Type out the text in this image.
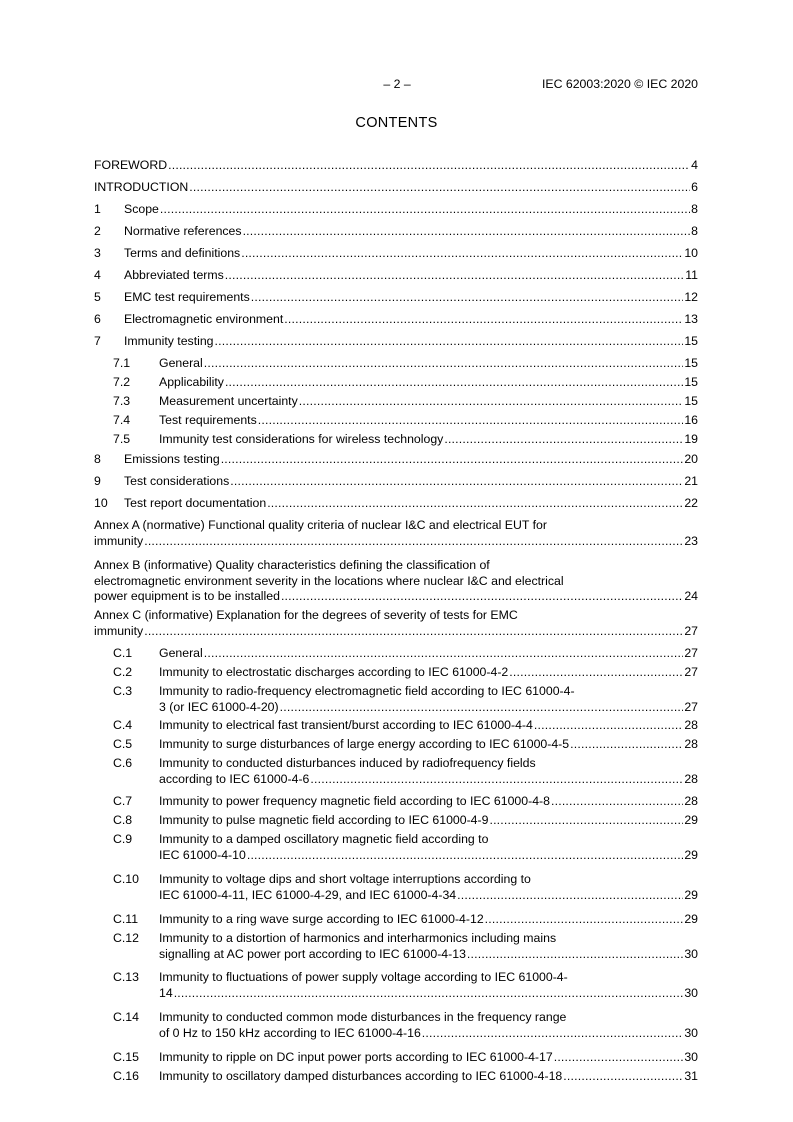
– 2 –	IEC 62003:2020 © IEC 2020
CONTENTS
FOREWORD .....	4
INTRODUCTION .....	6
1	Scope .....	8
2	Normative references .....	8
3	Terms and definitions .....	10
4	Abbreviated terms .....	11
5	EMC test requirements .....	12
6	Electromagnetic environment .....	13
7	Immunity testing .....	15
7.1	General .....	15
7.2	Applicability .....	15
7.3	Measurement uncertainty .....	15
7.4	Test requirements .....	16
7.5	Immunity test considerations for wireless technology .....	19
8	Emissions testing .....	20
9	Test considerations .....	21
10	Test report documentation .....	22
Annex A (normative) Functional quality criteria of nuclear I&C and electrical EUT for
immunity .....	23
Annex B (informative) Quality characteristics defining the classification of
electromagnetic environment severity in the locations where nuclear I&C and electrical
power equipment is to be installed .....	24
Annex C (informative) Explanation for the degrees of severity of tests for EMC
immunity .....	27
C.1	General .....	27
C.2	Immunity to electrostatic discharges according to IEC 61000-4-2 .....	27
C.3	Immunity to radio-frequency electromagnetic field according to IEC 61000-4-
3 (or IEC 61000-4-20) .....	27
C.4	Immunity to electrical fast transient/burst according to IEC 61000-4-4 .....	28
C.5	Immunity to surge disturbances of large energy according to IEC 61000-4-5 .....	28
C.6	Immunity to conducted disturbances induced by radiofrequency fields
according to IEC 61000-4-6 .....	28
C.7	Immunity to power frequency magnetic field according to IEC 61000-4-8 .....	28
C.8	Immunity to pulse magnetic field according to IEC 61000-4-9 .....	29
C.9	Immunity to a damped oscillatory magnetic field according to
IEC 61000-4-10 .....	29
C.10	Immunity to voltage dips and short voltage interruptions according to
IEC 61000-4-11, IEC 61000-4-29, and IEC 61000-4-34 .....	29
C.11	Immunity to a ring wave surge according to IEC 61000-4-12 .....	29
C.12	Immunity to a distortion of harmonics and interharmonics including mains
signalling at AC power port according to IEC 61000-4-13 .....	30
C.13	Immunity to fluctuations of power supply voltage according to IEC 61000-4-
14 .....	30
C.14	Immunity to conducted common mode disturbances in the frequency range
of 0 Hz to 150 kHz according to IEC 61000-4-16 .....	30
C.15	Immunity to ripple on DC input power ports according to IEC 61000-4-17 .....	30
C.16	Immunity to oscillatory damped disturbances according to IEC 61000-4-18 .....	31
